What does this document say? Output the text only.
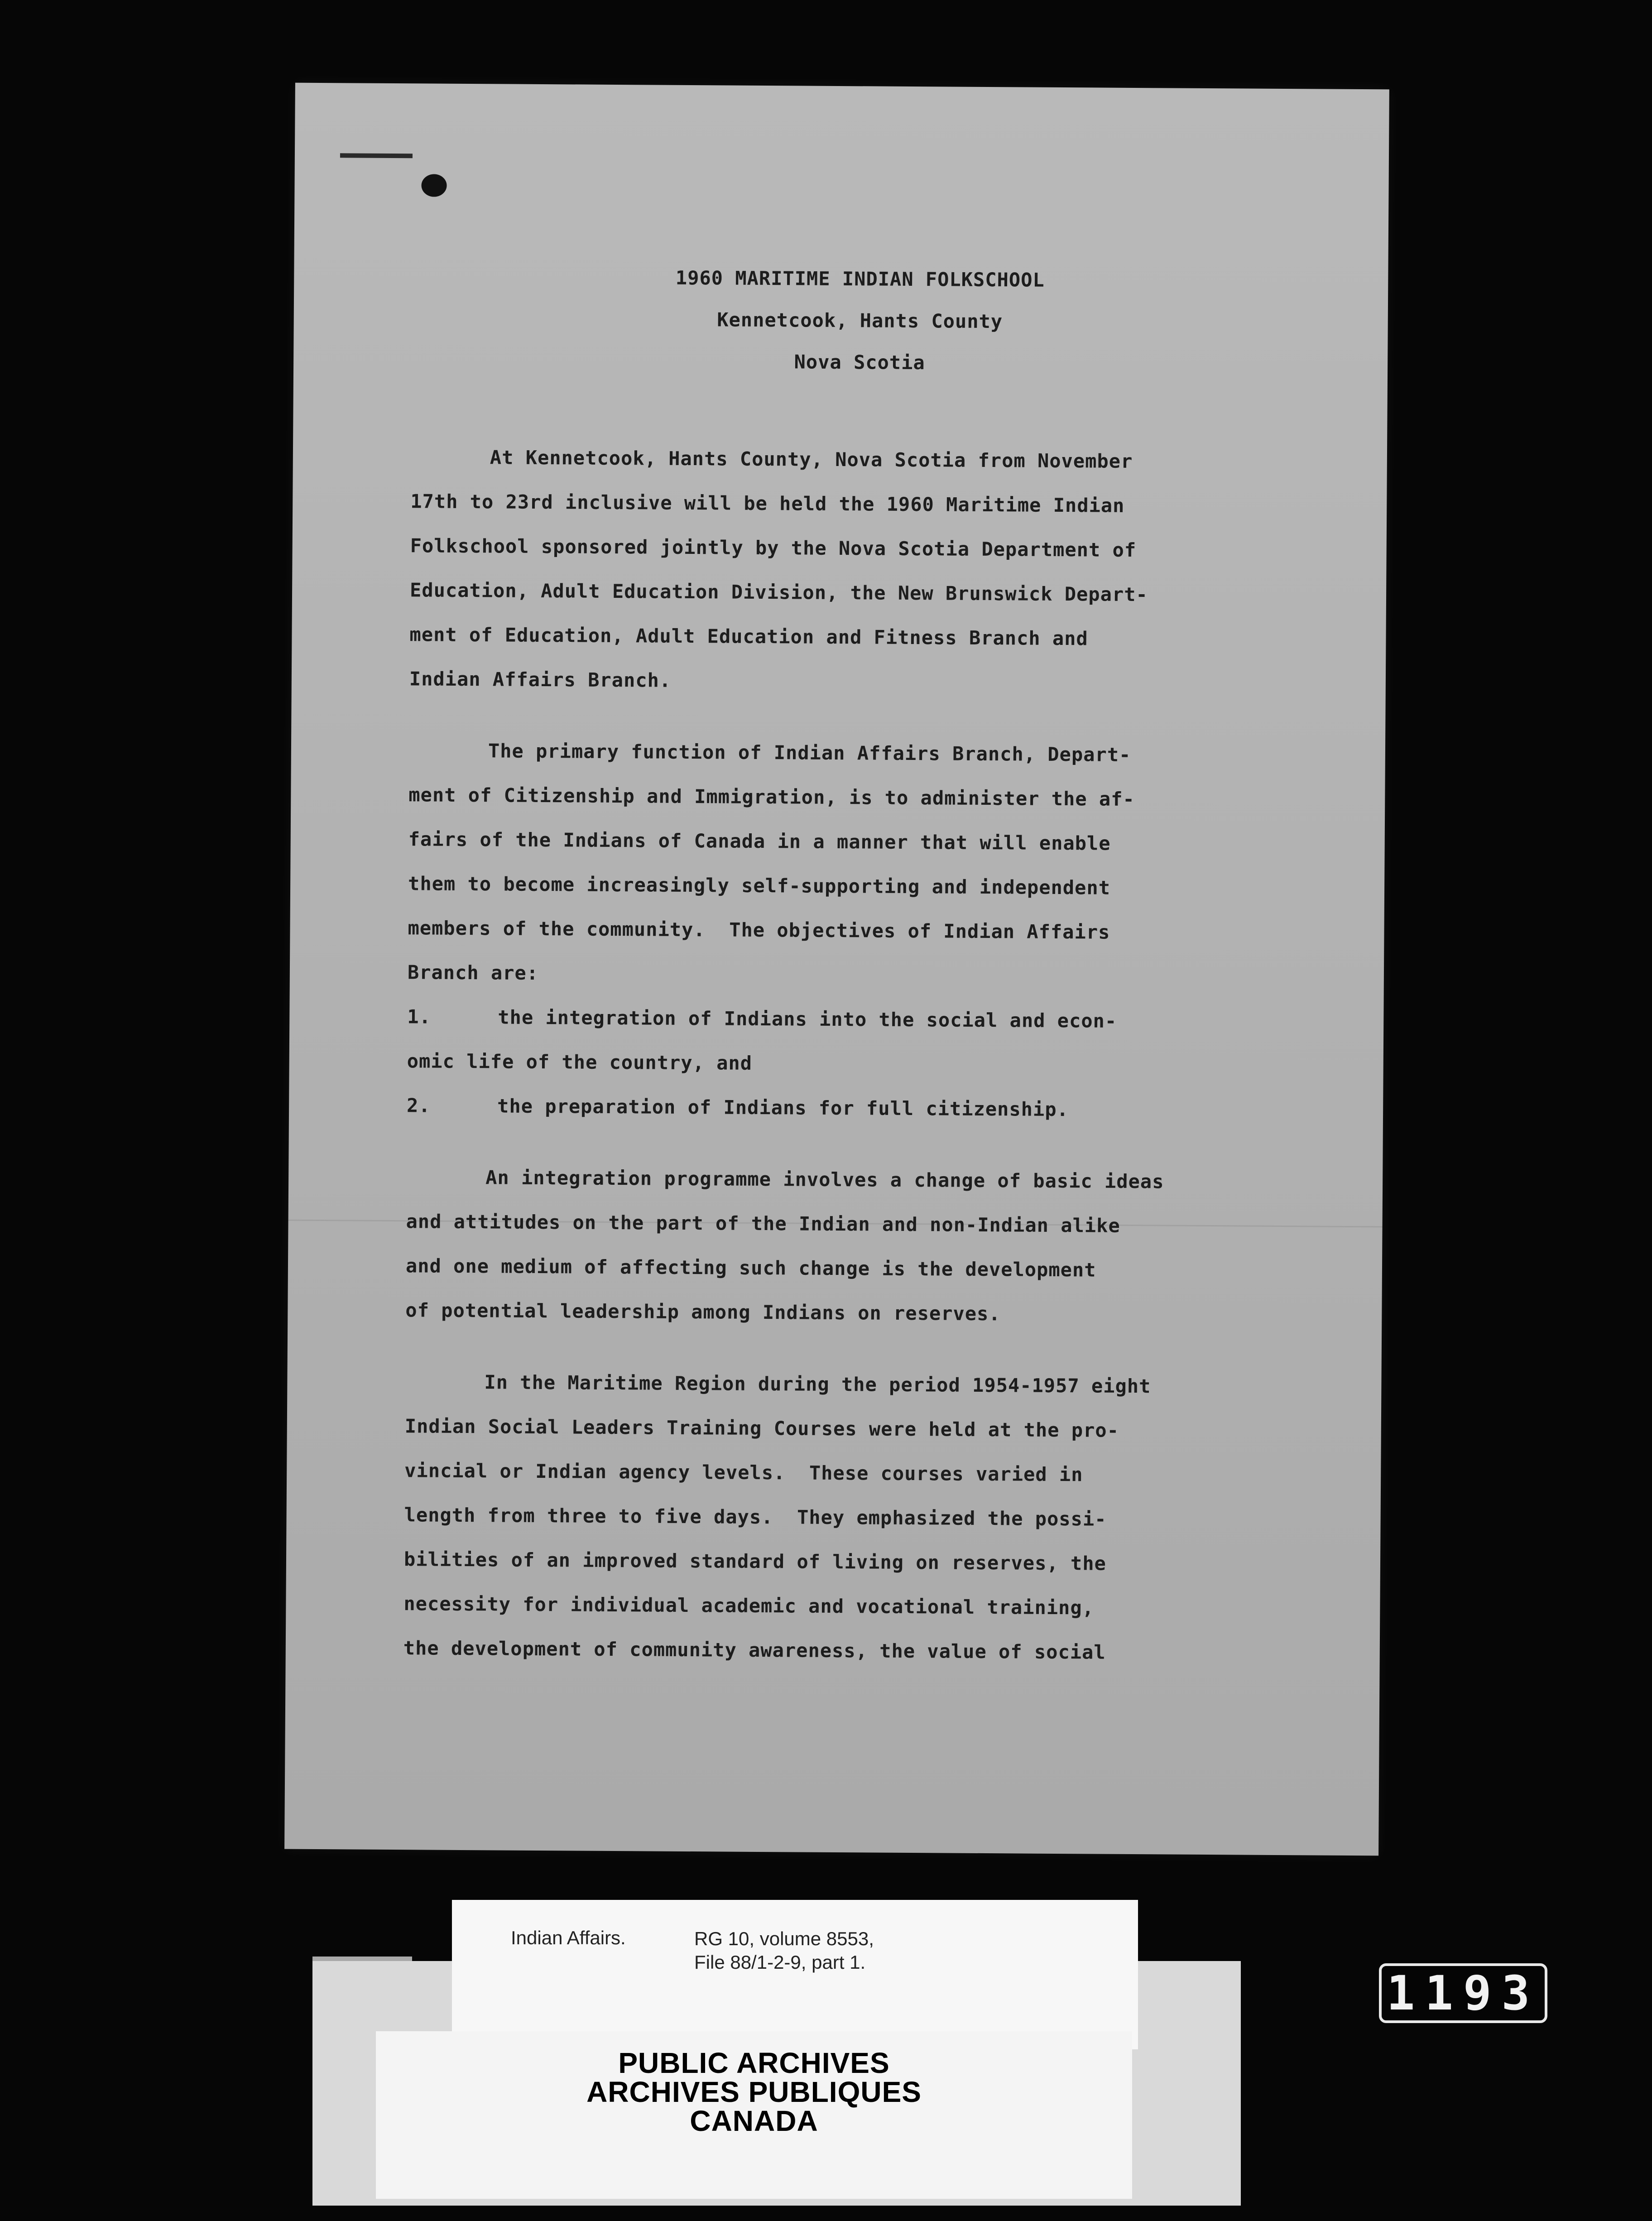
1960 MARITIME INDIAN FOLKSCHOOL
Kennetcook, Hants County
Nova Scotia
At Kennetcook, Hants County, Nova Scotia from November
17th to 23rd inclusive will be held the 1960 Maritime Indian
Folkschool sponsored jointly by the Nova Scotia Department of
Education, Adult Education Division, the New Brunswick Depart-
ment of Education, Adult Education and Fitness Branch and
Indian Affairs Branch.
The primary function of Indian Affairs Branch, Depart-
ment of Citizenship and Immigration, is to administer the af-
fairs of the Indians of Canada in a manner that will enable
them to become increasingly self-supporting and independent
members of the community.  The objectives of Indian Affairs
Branch are:
1.	the integration of Indians into the social and econ-
omic life of the country, and
2.	the preparation of Indians for full citizenship.
An integration programme involves a change of basic ideas
and attitudes on the part of the Indian and non-Indian alike
and one medium of affecting such change is the development
of potential leadership among Indians on reserves.
In the Maritime Region during the period 1954-1957 eight
Indian Social Leaders Training Courses were held at the pro-
vincial or Indian agency levels.  These courses varied in
length from three to five days.  They emphasized the possi-
bilities of an improved standard of living on reserves, the
necessity for individual academic and vocational training,
the development of community awareness, the value of social
Indian Affairs.	RG 10, volume 8553,
File 88/1-2-9, part 1.
PUBLIC ARCHIVES
ARCHIVES PUBLIQUES
CANADA
1193
